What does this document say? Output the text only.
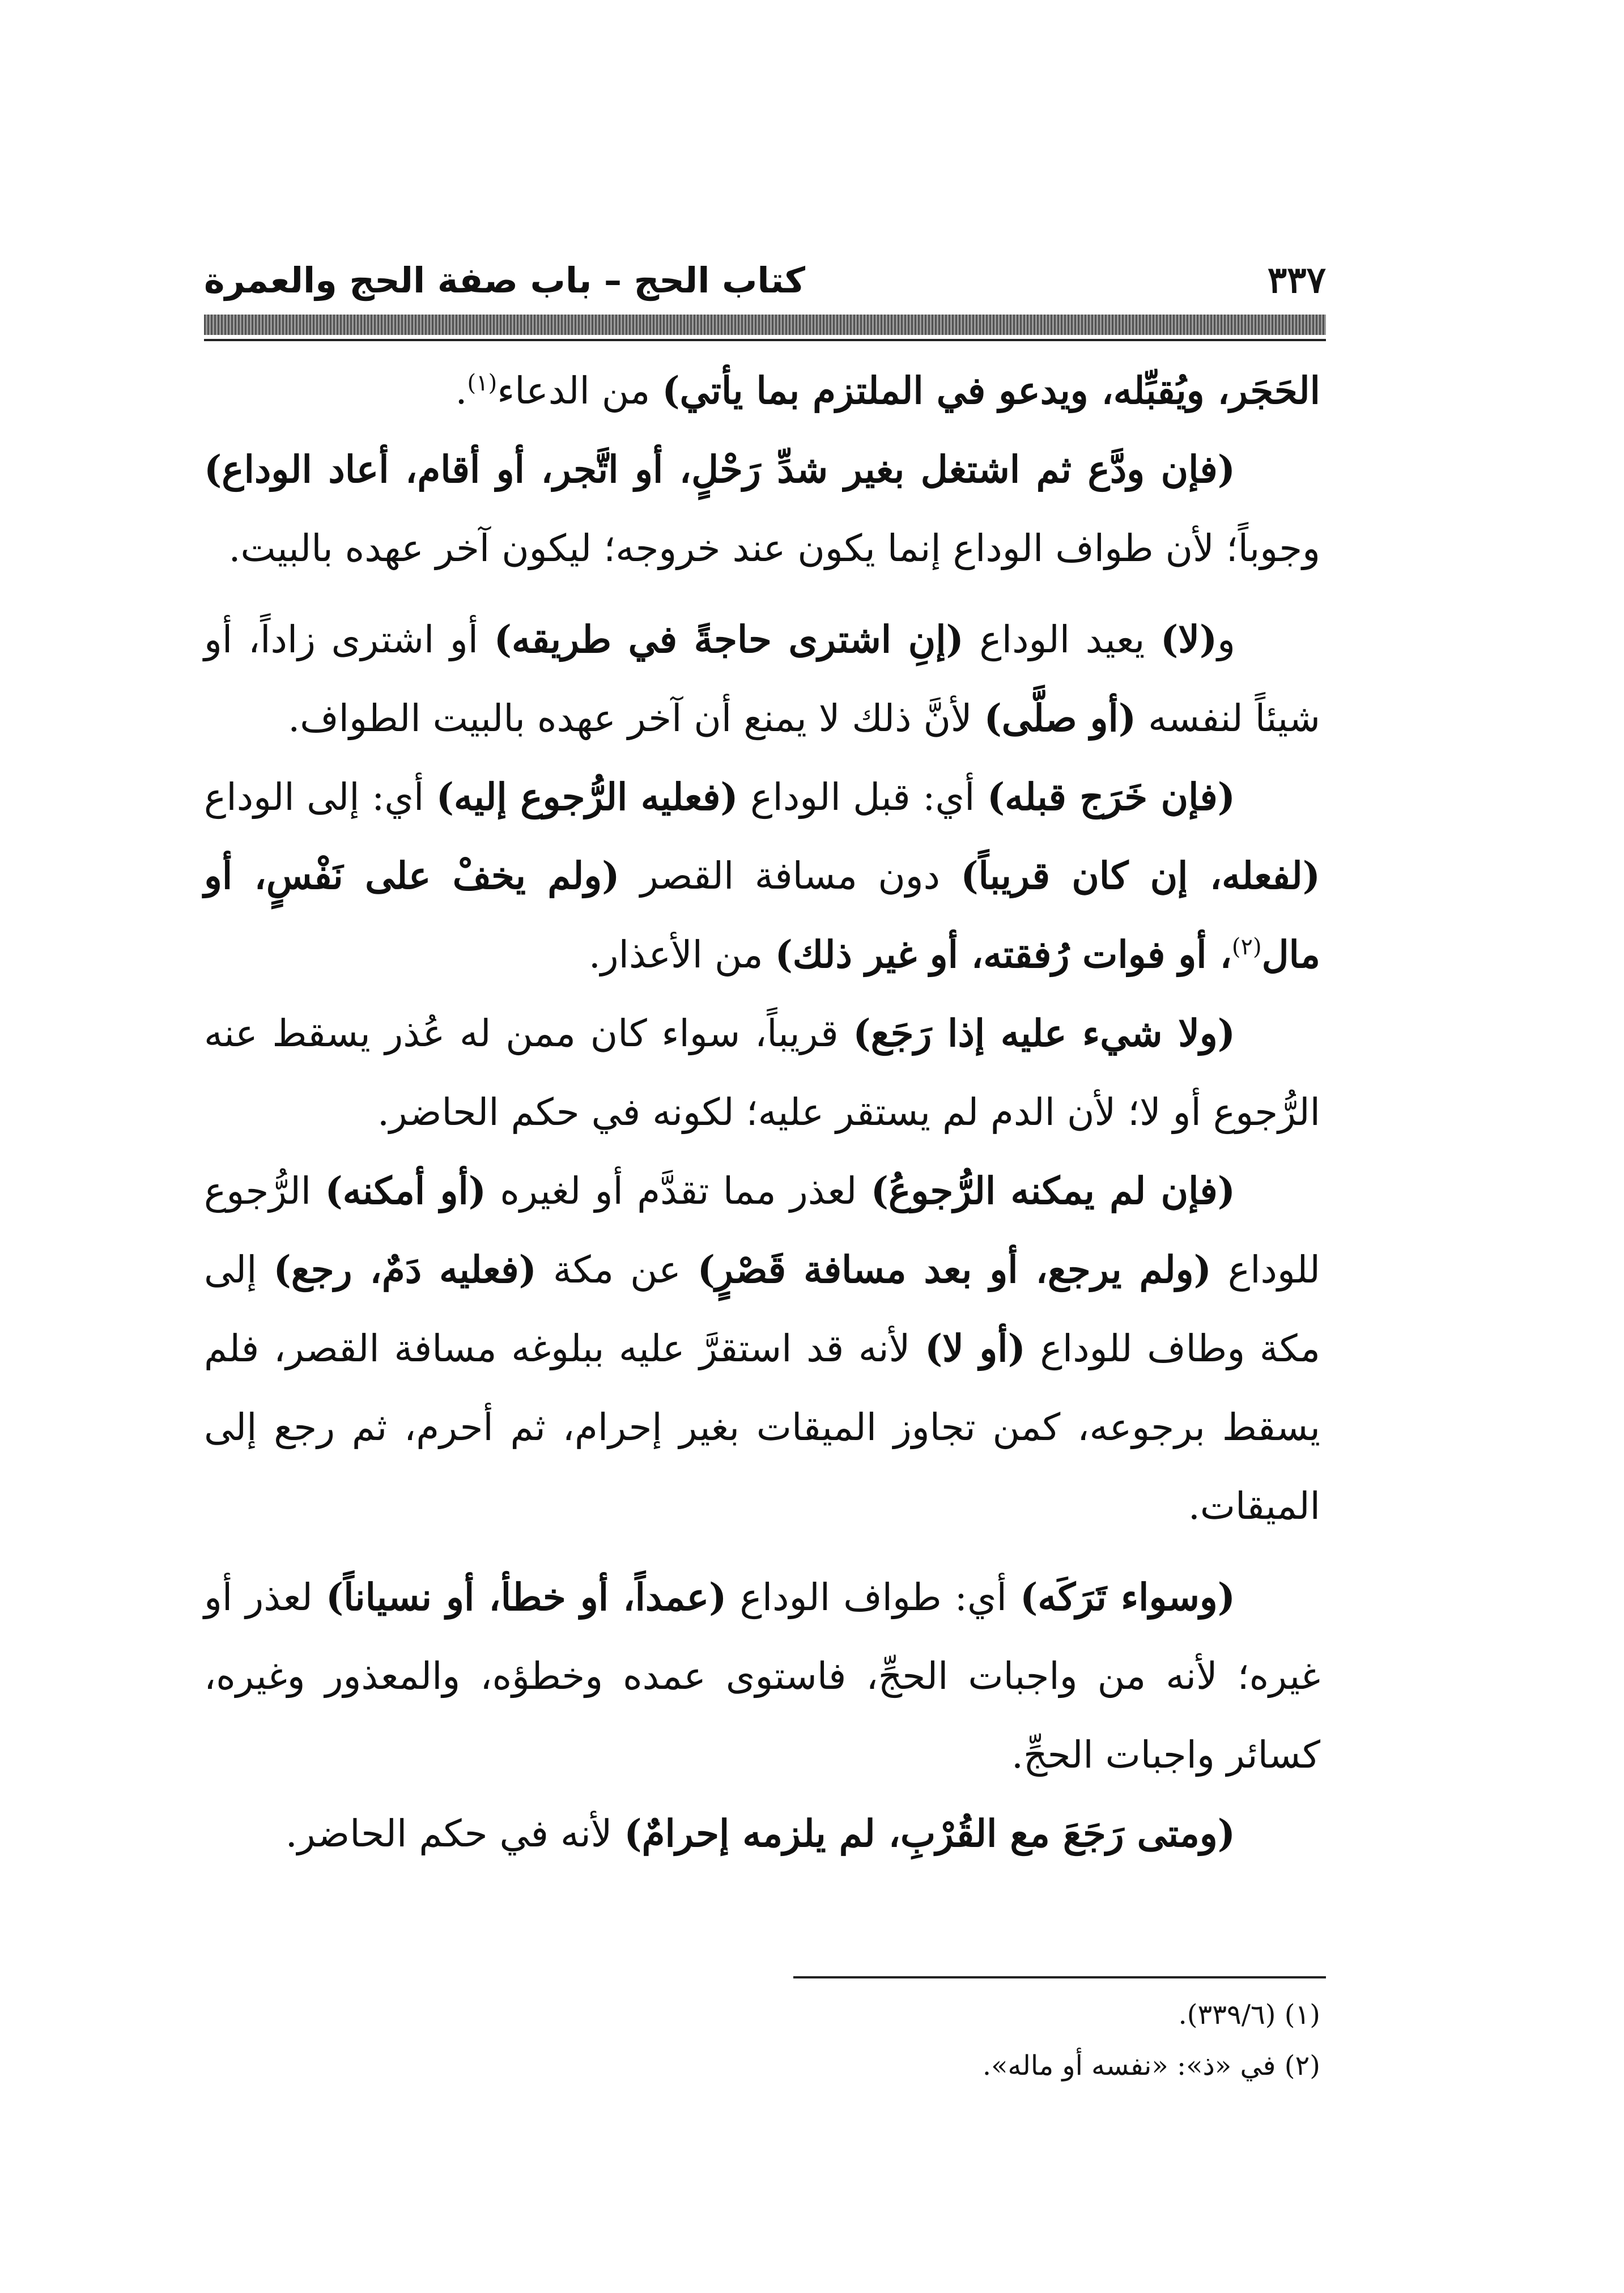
٣٣٧
كتاب الحج – باب صفة الحج والعمرة

الحَجَر، ويُقبِّله، ويدعو في الملتزم بما يأتي) من الدعاء$^{(١)}$.

(فإن ودَّع ثم اشتغل بغير شدِّ رَحْلٍ، أو اتَّجر، أو أقام، أعاد الوداع) وجوباً؛ لأن طواف الوداع إنما يكون عند خروجه؛ ليكون آخر عهده بالبيت.

و(لا) يعيد الوداع (إنِ اشترى حاجةً في طريقه) أو اشترى زاداً، أو شيئاً لنفسه (أو صلَّى) لأنَّ ذلك لا يمنع أن آخر عهده بالبيت الطواف.

(فإن خَرَج قبله) أي: قبل الوداع (فعليه الرُّجوع إليه) أي: إلى الوداع (لفعله، إن كان قريباً) دون مسافة القصر (ولم يخفْ على نَفْسٍ، أو مال$^{(٢)}$، أو فوات رُفقته، أو غير ذلك) من الأعذار.

(ولا شيء عليه إذا رَجَع) قريباً، سواء كان ممن له عُذر يسقط عنه الرُّجوع أو لا؛ لأن الدم لم يستقر عليه؛ لكونه في حكم الحاضر.

(فإن لم يمكنه الرُّجوعُ) لعذر مما تقدَّم أو لغيره (أو أمكنه) الرُّجوع للوداع (ولم يرجع، أو بعد مسافة قَصْرٍ) عن مكة (فعليه دَمٌ، رجع) إلى مكة وطاف للوداع (أو لا) لأنه قد استقرَّ عليه ببلوغه مسافة القصر، فلم يسقط برجوعه، كمن تجاوز الميقات بغير إحرام، ثم أحرم، ثم رجع إلى الميقات.

(وسواء تَرَكَه) أي: طواف الوداع (عمداً، أو خطأ، أو نسياناً) لعذر أو غيره؛ لأنه من واجبات الحجِّ، فاستوى عمده وخطؤه، والمعذور وغيره، كسائر واجبات الحجِّ.

(ومتى رَجَعَ مع القُرْبِ، لم يلزمه إحرامٌ) لأنه في حكم الحاضر.

(١) (٣٣٩/٦).

(٢) في «ذ»: «نفسه أو ماله».
